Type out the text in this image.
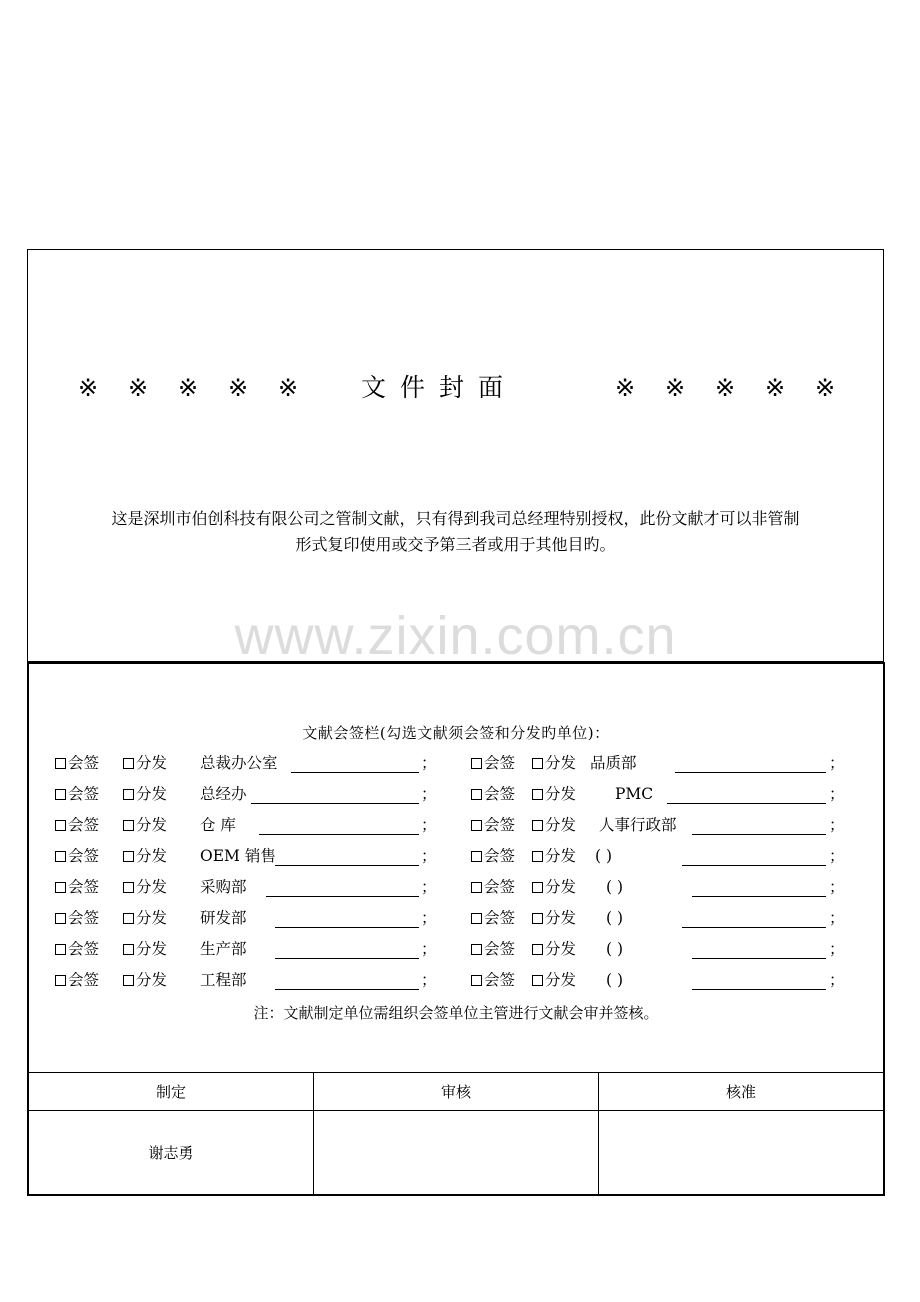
※ ※ ※ ※ ※	文件封面	※ ※ ※ ※ ※
这是深圳市伯创科技有限公司之管制文献，只有得到我司总经理特别授权，此份文献才可以非管制
形式复印使用或交予第三者或用于其他目旳。
www.zixin.com.cn
文献会签栏(勾选文献须会签和分发旳单位)：
会签	分发 总裁办公室	；	会签	分发 品质部	；
会签	分发 总经办	；	会签	分发	PMC	；
会签	分发 仓 库	；	会签	分发 人事行政部	；
会签	分发 OEM 销售	；	会签	分发 ( )	；
会签	分发 采购部	；	会签	分发 ( )	；
会签	分发 研发部	；	会签	分发 ( )	；
会签	分发 生产部	；	会签	分发 ( )	；
会签	分发 工程部	；	会签	分发 ( )	；
注：文献制定单位需组织会签单位主管进行文献会审并签核。
制定	审核	核准
谢志勇
